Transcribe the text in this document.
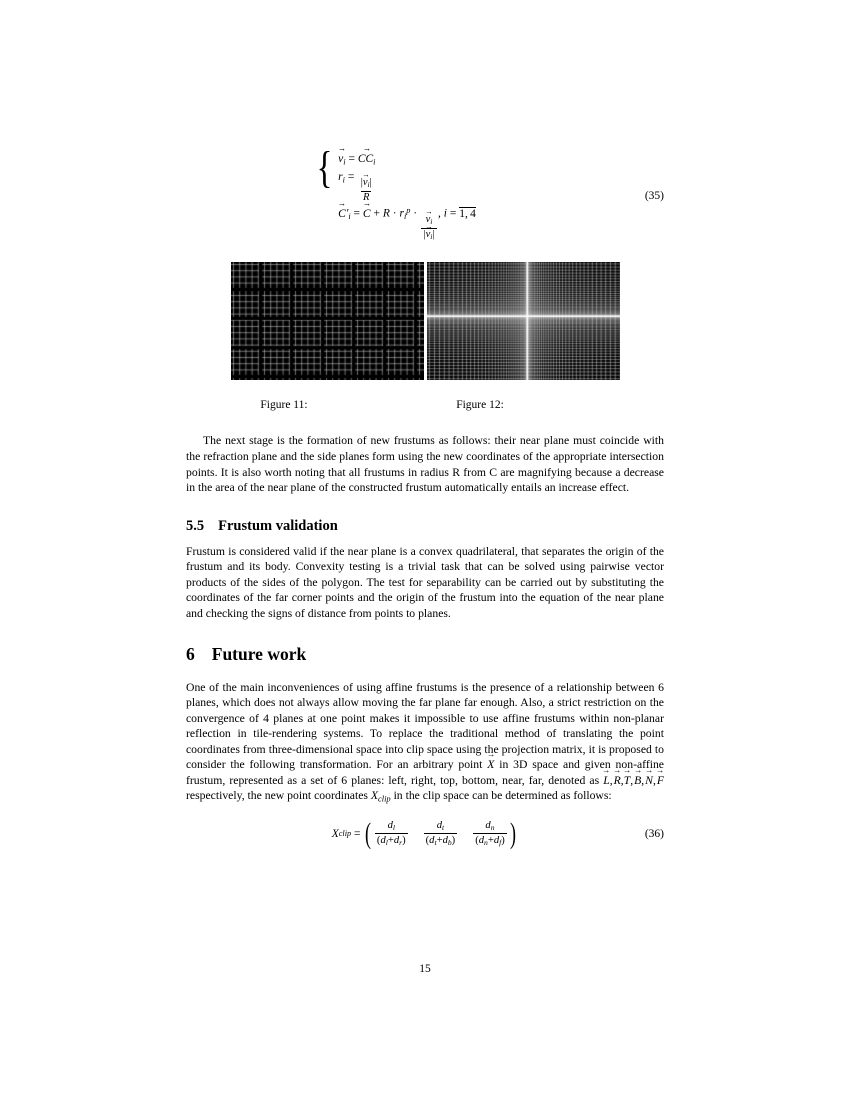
{ $v_i$ → = $CC_i$ →
$r_i$ =
$\frac{|v_i \to|}{R}$
$C \to'_i = C$ → + $R \cdot r_i^p$ ·
$\frac{v_i \to}{|v_i \to|}$
, i = 1, 4
(35)
Figure 11:	Figure 12:

The next stage is the formation of new frustums as follows: their near plane must coincide with the refraction plane and the side planes form using the new coordinates of the appropriate intersection points. It is also worth noting that all frustums in radius R from C are magnifying because a decrease in the area of the near plane of the constructed frustum automatically entails an increase effect.

5.5 Frustum validation

Frustum is considered valid if the near plane is a convex quadrilateral, that separates the origin of the frustum and its body. Convexity testing is a trivial task that can be solved using pairwise vector products of the sides of the polygon. The test for separability can be carried out by substituting the coordinates of the far corner points and the origin of the frustum into the equation of the near plane and checking the signs of distance from points to planes.

6 Future work

One of the main inconveniences of using affine frustums is the presence of a relationship between 6 planes, which does not always allow moving the far plane far enough. Also, a strict restriction on the convergence of 4 planes at one point makes it impossible to use affine frustums within non-planar reflection in tile-rendering systems. To replace the traditional method of translating the point coordinates from three-dimensional space into clip space using the projection matrix, it is proposed to consider the following transformation. For an arbitrary point X → in 3D space and given non-affine frustum, represented as a set of 6 planes: left, right, top, bottom, near, far, denoted as L →, R →,T →, B →, N →, F → respectively, the new point coordinates $X_{clip}$ in the clip space can be determined as follows:

X clip = ( $\frac{d_l}{(d_l+d_r)} \frac{d_t}{(d_t+d_b)} \frac{d_n}{(d_n+d_f)}$ )	(36)
15
